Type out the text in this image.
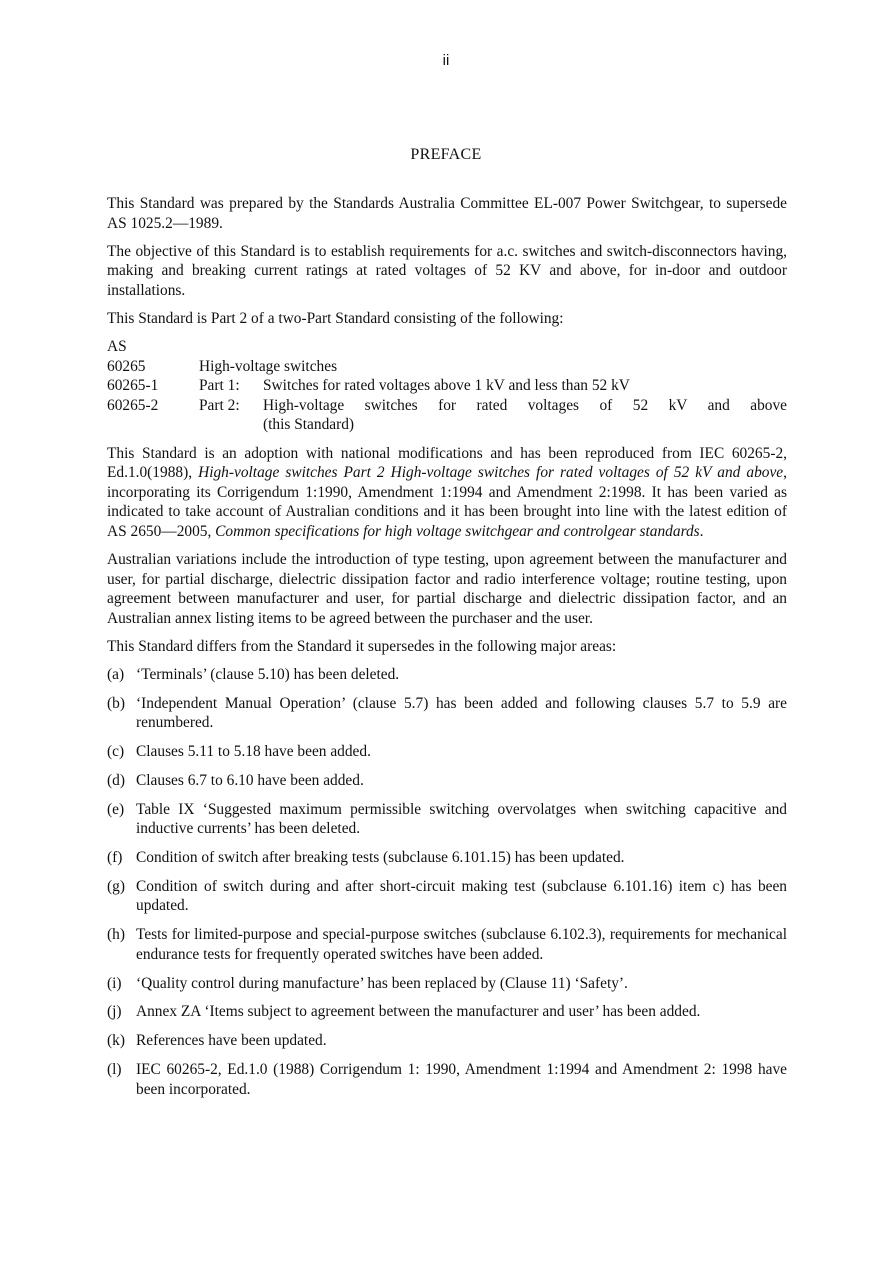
ii
PREFACE

This Standard was prepared by the Standards Australia Committee EL-007 Power Switchgear, to supersede AS 1025.2—1989.

The objective of this Standard is to establish requirements for a.c. switches and switch-disconnectors having, making and breaking current ratings at rated voltages of 52 KV and above, for in-door and outdoor installations.

This Standard is Part 2 of a two-Part Standard consisting of the following:

AS
60265	High-voltage switches
60265-1	Part 1:	Switches for rated voltages above 1 kV and less than 52 kV
60265-2	Part 2:	High-voltage switches for rated voltages of 52 kV and above
(this Standard)

This Standard is an adoption with national modifications and has been reproduced from IEC 60265-2, Ed.1.0(1988), High-voltage switches Part 2 High-voltage switches for rated voltages of 52 kV and above, incorporating its Corrigendum 1:1990, Amendment 1:1994 and Amendment 2:1998. It has been varied as indicated to take account of Australian conditions and it has been brought into line with the latest edition of AS 2650—2005, Common specifications for high voltage switchgear and controlgear standards.

Australian variations include the introduction of type testing, upon agreement between the manufacturer and user, for partial discharge, dielectric dissipation factor and radio interference voltage; routine testing, upon agreement between manufacturer and user, for partial discharge and dielectric dissipation factor, and an Australian annex listing items to be agreed between the purchaser and the user.

This Standard differs from the Standard it supersedes in the following major areas:

(a) ‘Terminals’ (clause 5.10) has been deleted.
(b) ‘Independent Manual Operation’ (clause 5.7) has been added and following clauses 5.7 to 5.9 are renumbered.
(c) Clauses 5.11 to 5.18 have been added.
(d) Clauses 6.7 to 6.10 have been added.
(e) Table IX ‘Suggested maximum permissible switching overvolatges when switching capacitive and inductive currents’ has been deleted.
(f) Condition of switch after breaking tests (subclause 6.101.15) has been updated.
(g) Condition of switch during and after short-circuit making test (subclause 6.101.16) item c) has been updated.
(h) Tests for limited-purpose and special-purpose switches (subclause 6.102.3), requirements for mechanical endurance tests for frequently operated switches have been added.
(i) ‘Quality control during manufacture’ has been replaced by (Clause 11) ‘Safety’.
(j) Annex ZA ‘Items subject to agreement between the manufacturer and user’ has been added.
(k) References have been updated.
(l) IEC 60265-2, Ed.1.0 (1988) Corrigendum 1: 1990, Amendment 1:1994 and Amendment 2: 1998 have been incorporated.
